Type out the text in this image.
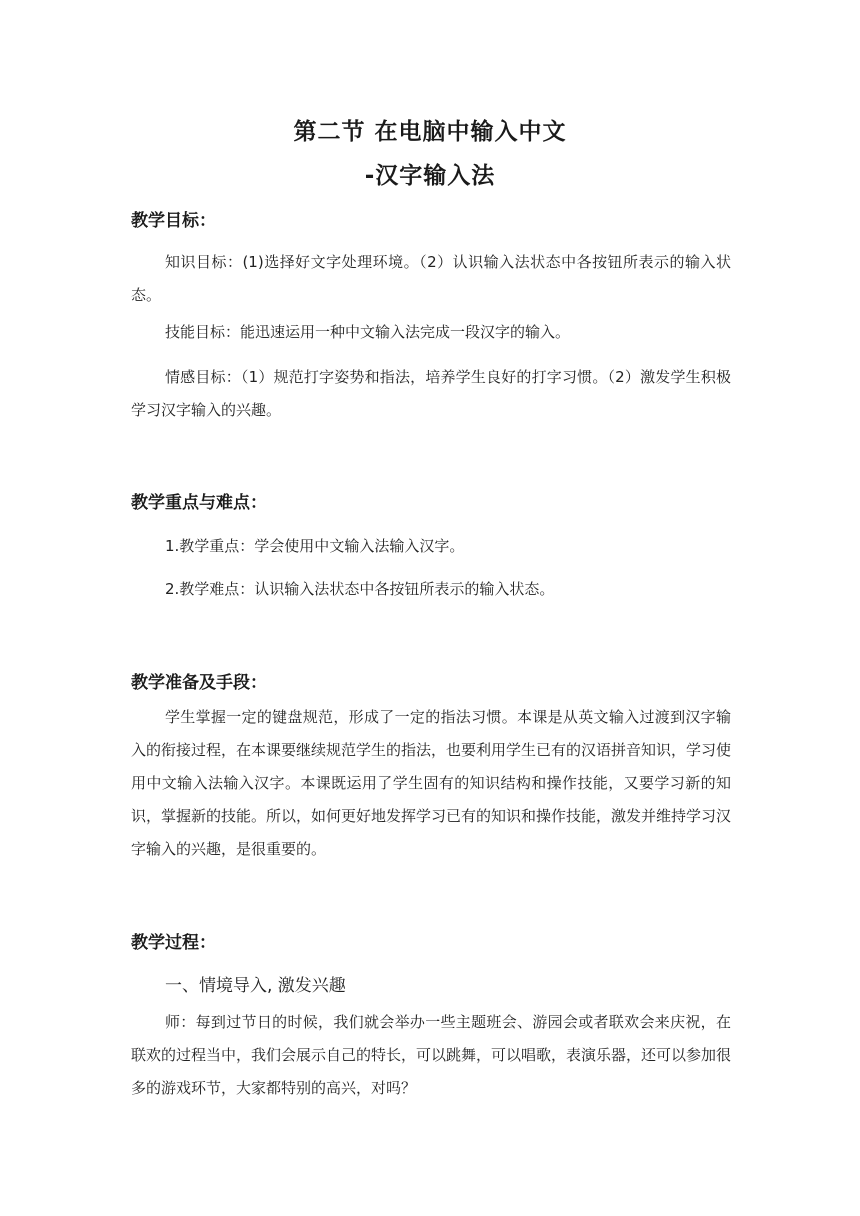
第二节 在电脑中输入中文
-汉字输入法
教学目标：
知识目标：(1)选择好文字处理环境。（2）认识输入法状态中各按钮所表示的输入状态。
技能目标：能迅速运用一种中文输入法完成一段汉字的输入。
情感目标：（1）规范打字姿势和指法，培养学生良好的打字习惯。（2）激发学生积极学习汉字输入的兴趣。
教学重点与难点：
1.教学重点：学会使用中文输入法输入汉字。
2.教学难点：认识输入法状态中各按钮所表示的输入状态。
教学准备及手段：
学生掌握一定的键盘规范，形成了一定的指法习惯。本课是从英文输入过渡到汉字输入的衔接过程，在本课要继续规范学生的指法，也要利用学生已有的汉语拼音知识，学习使用中文输入法输入汉字。本课既运用了学生固有的知识结构和操作技能，又要学习新的知识，掌握新的技能。所以，如何更好地发挥学习已有的知识和操作技能，激发并维持学习汉字输入的兴趣，是很重要的。
教学过程：
一、情境导入, 激发兴趣
师：每到过节日的时候，我们就会举办一些主题班会、游园会或者联欢会来庆祝，在联欢的过程当中，我们会展示自己的特长，可以跳舞，可以唱歌，表演乐器，还可以参加很多的游戏环节，大家都特别的高兴，对吗？
